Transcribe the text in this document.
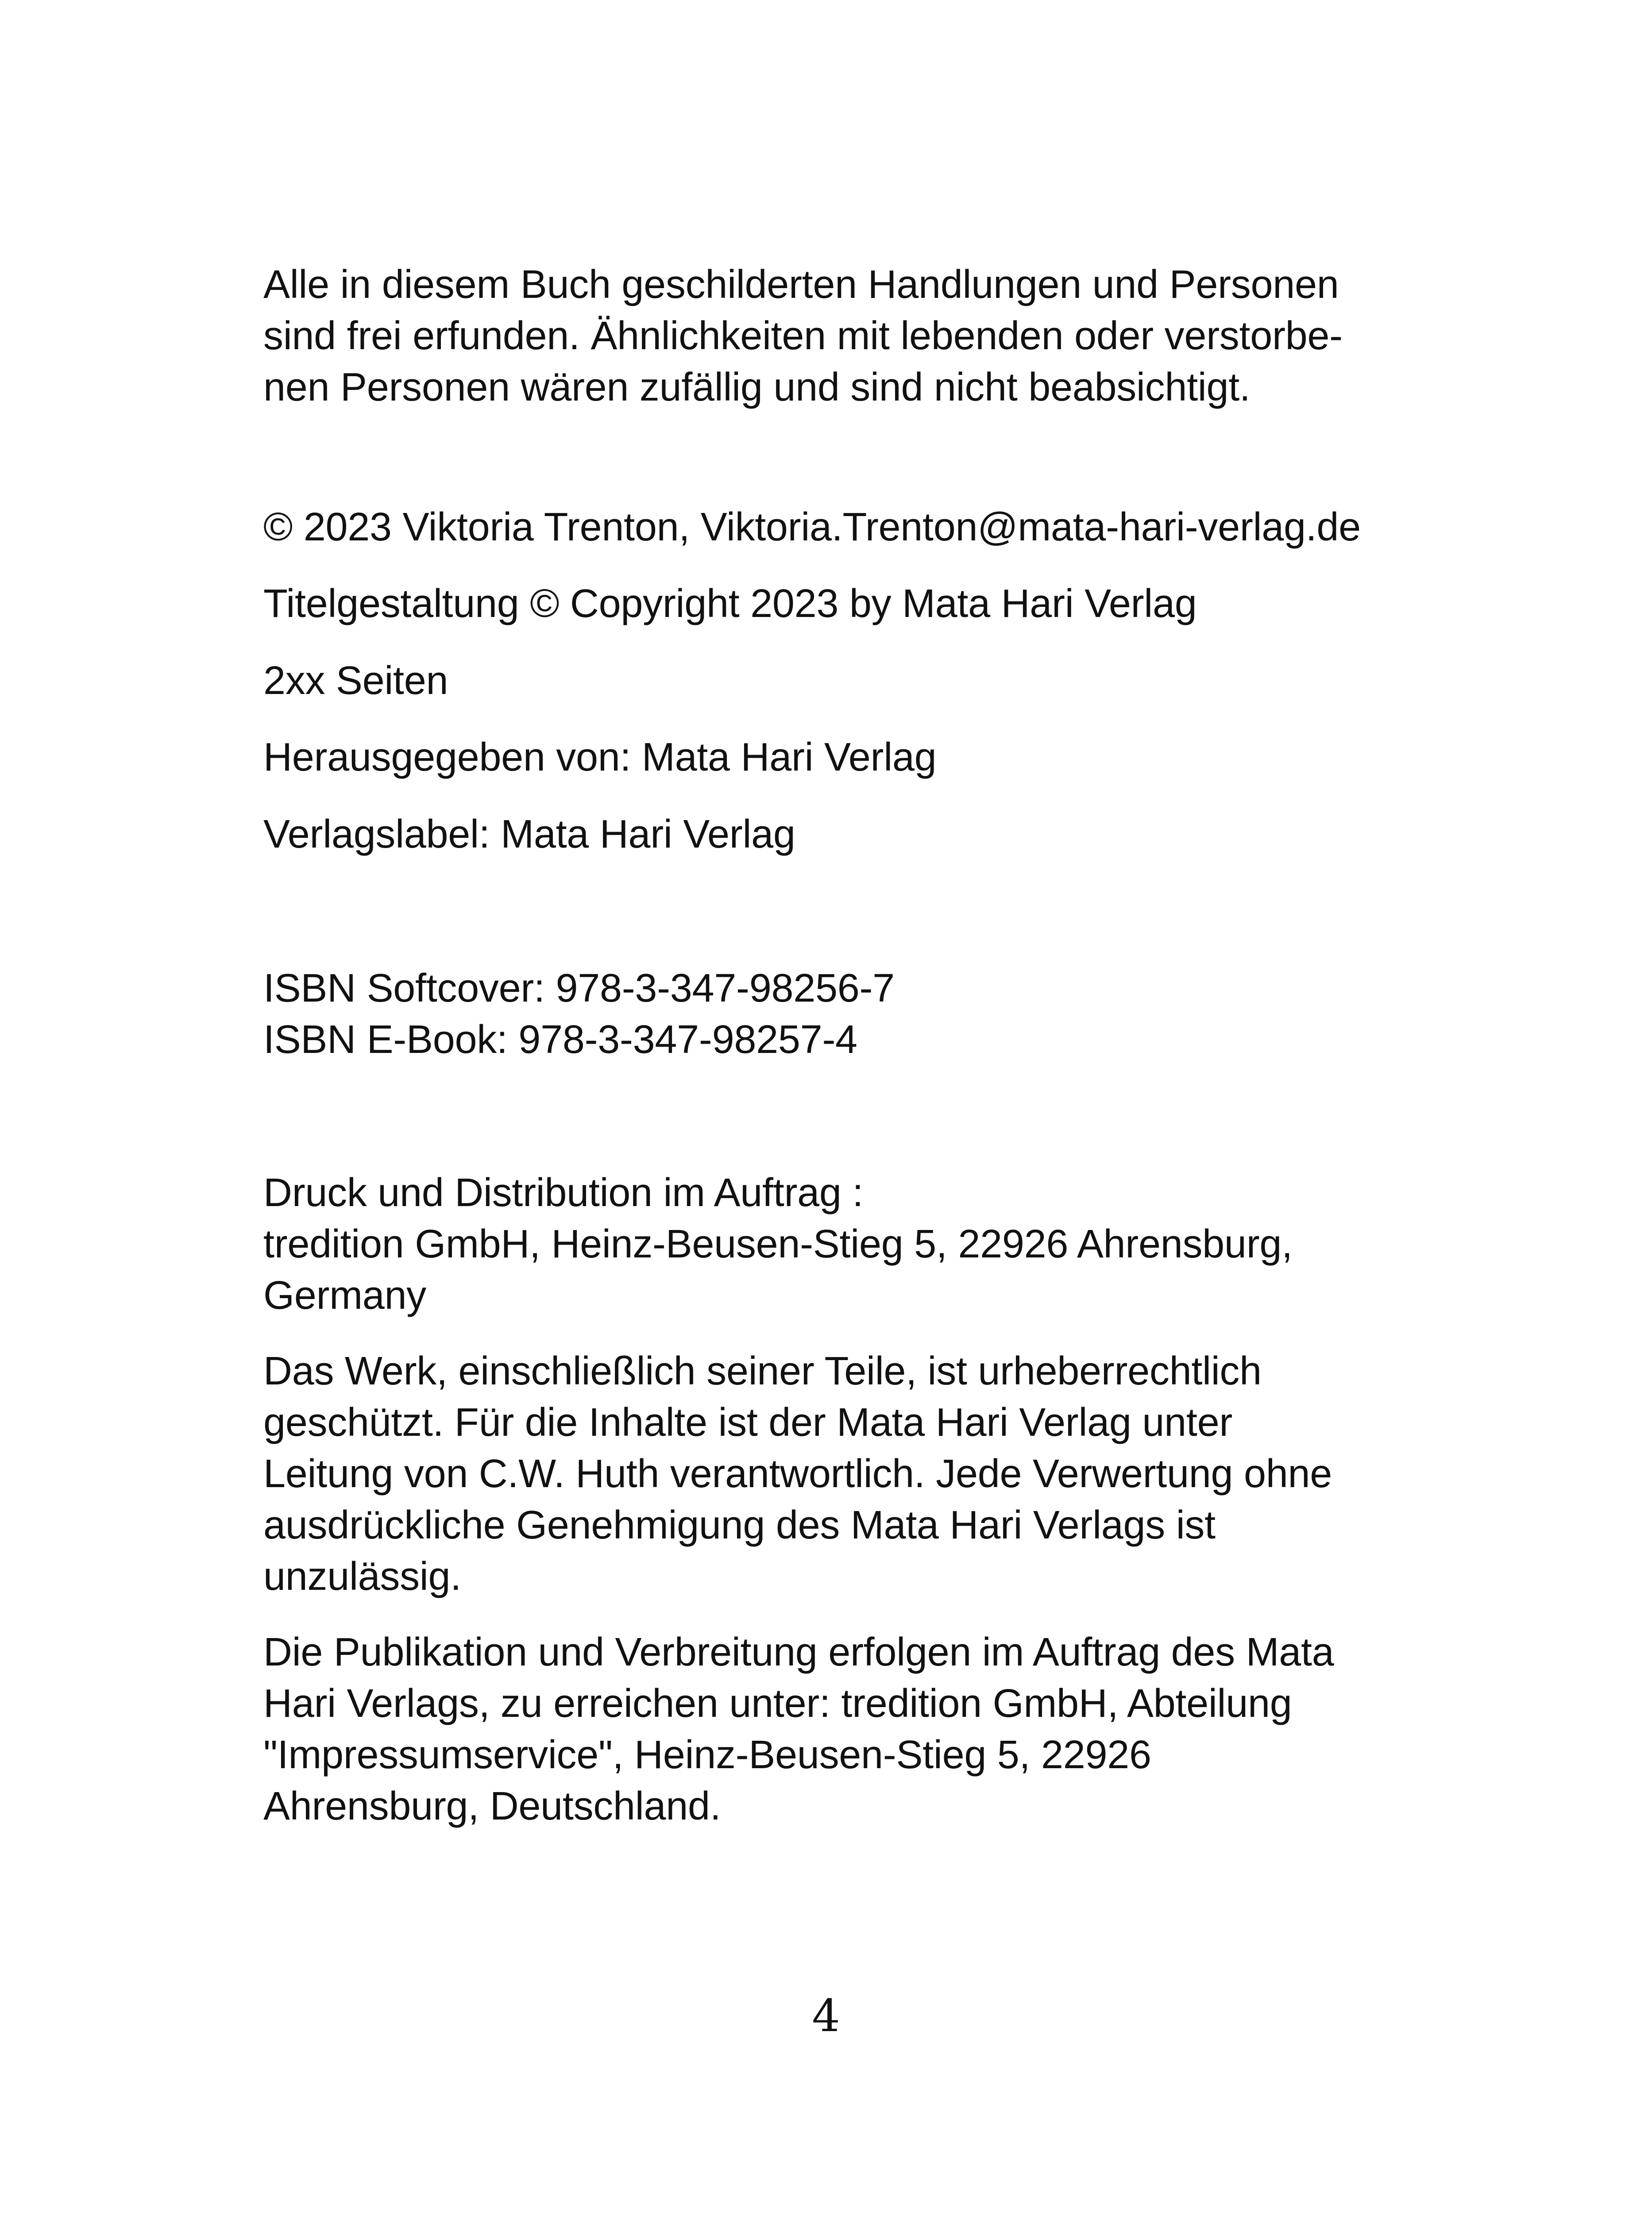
Alle in diesem Buch geschilderten Handlungen und Personen
sind frei erfunden. Ähnlichkeiten mit lebenden oder verstorbe-
nen Personen wären zufällig und sind nicht beabsichtigt.
© 2023 Viktoria Trenton, Viktoria.Trenton@mata-hari-verlag.de
Titelgestaltung © Copyright 2023 by Mata Hari Verlag
2xx Seiten
Herausgegeben von: Mata Hari Verlag
Verlagslabel: Mata Hari Verlag
ISBN Softcover: 978-3-347-98256-7
ISBN E-Book: 978-3-347-98257-4
Druck und Distribution im Auftrag :
tredition GmbH, Heinz-Beusen-Stieg 5, 22926 Ahrensburg,
Germany
Das Werk, einschließlich seiner Teile, ist urheberrechtlich
geschützt. Für die Inhalte ist der Mata Hari Verlag unter
Leitung von C.W. Huth verantwortlich. Jede Verwertung ohne
ausdrückliche Genehmigung des Mata Hari Verlags ist
unzulässig.
Die Publikation und Verbreitung erfolgen im Auftrag des Mata
Hari Verlags, zu erreichen unter: tredition GmbH, Abteilung
"Impressumservice", Heinz-Beusen-Stieg 5, 22926
Ahrensburg, Deutschland.
4
